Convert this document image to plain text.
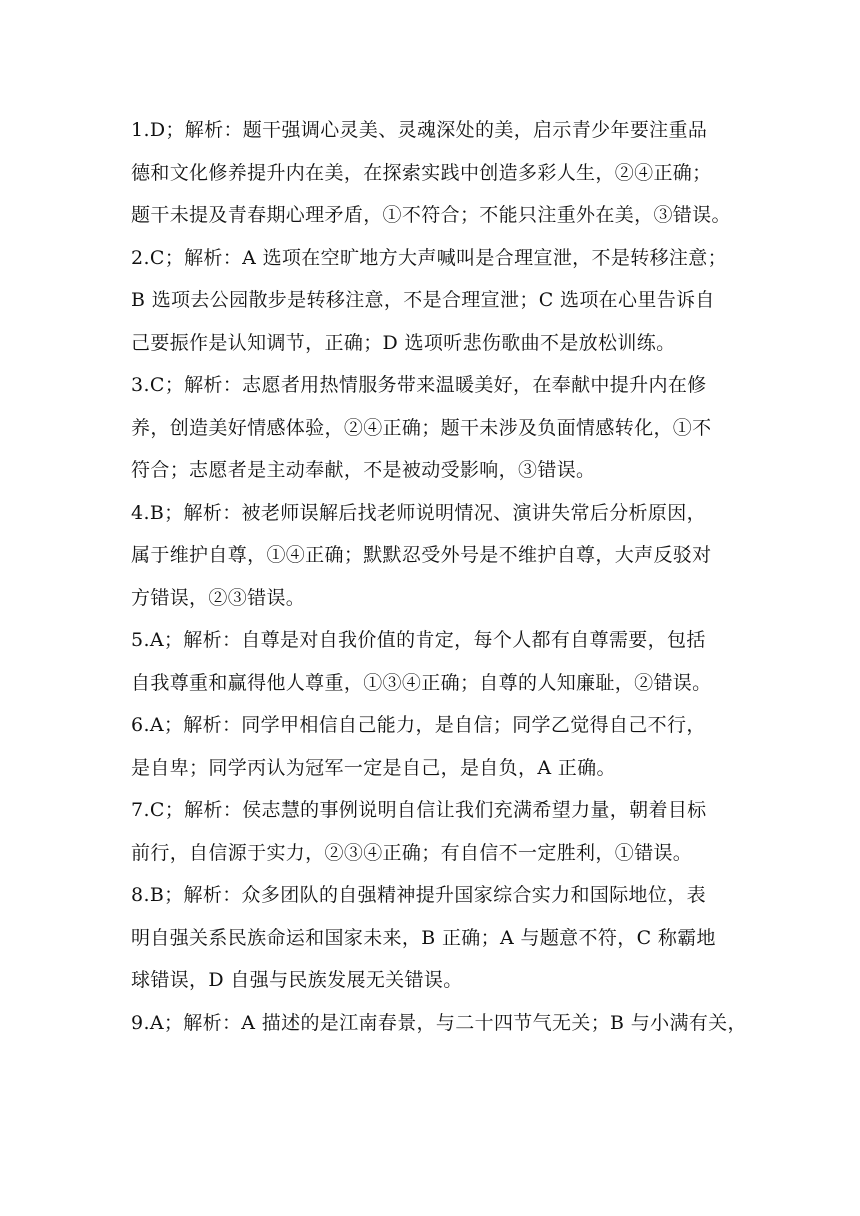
1.D；解析：题干强调心灵美、灵魂深处的美，启示青少年要注重品
德和文化修养提升内在美，在探索实践中创造多彩人生，②④正确；
题干未提及青春期心理矛盾，①不符合；不能只注重外在美，③错误。
2.C；解析：A 选项在空旷地方大声喊叫是合理宣泄，不是转移注意；
B 选项去公园散步是转移注意，不是合理宣泄；C 选项在心里告诉自
己要振作是认知调节，正确；D 选项听悲伤歌曲不是放松训练。
3.C；解析：志愿者用热情服务带来温暖美好，在奉献中提升内在修
养，创造美好情感体验，②④正确；题干未涉及负面情感转化，①不
符合；志愿者是主动奉献，不是被动受影响，③错误。
4.B；解析：被老师误解后找老师说明情况、演讲失常后分析原因，
属于维护自尊，①④正确；默默忍受外号是不维护自尊，大声反驳对
方错误，②③错误。
5.A；解析：自尊是对自我价值的肯定，每个人都有自尊需要，包括
自我尊重和赢得他人尊重，①③④正确；自尊的人知廉耻，②错误。
6.A；解析：同学甲相信自己能力，是自信；同学乙觉得自己不行，
是自卑；同学丙认为冠军一定是自己，是自负，A 正确。
7.C；解析：侯志慧的事例说明自信让我们充满希望力量，朝着目标
前行，自信源于实力，②③④正确；有自信不一定胜利，①错误。
8.B；解析：众多团队的自强精神提升国家综合实力和国际地位，表
明自强关系民族命运和国家未来，B 正确；A 与题意不符，C 称霸地
球错误，D 自强与民族发展无关错误。
9.A；解析：A 描述的是江南春景，与二十四节气无关；B 与小满有关，
